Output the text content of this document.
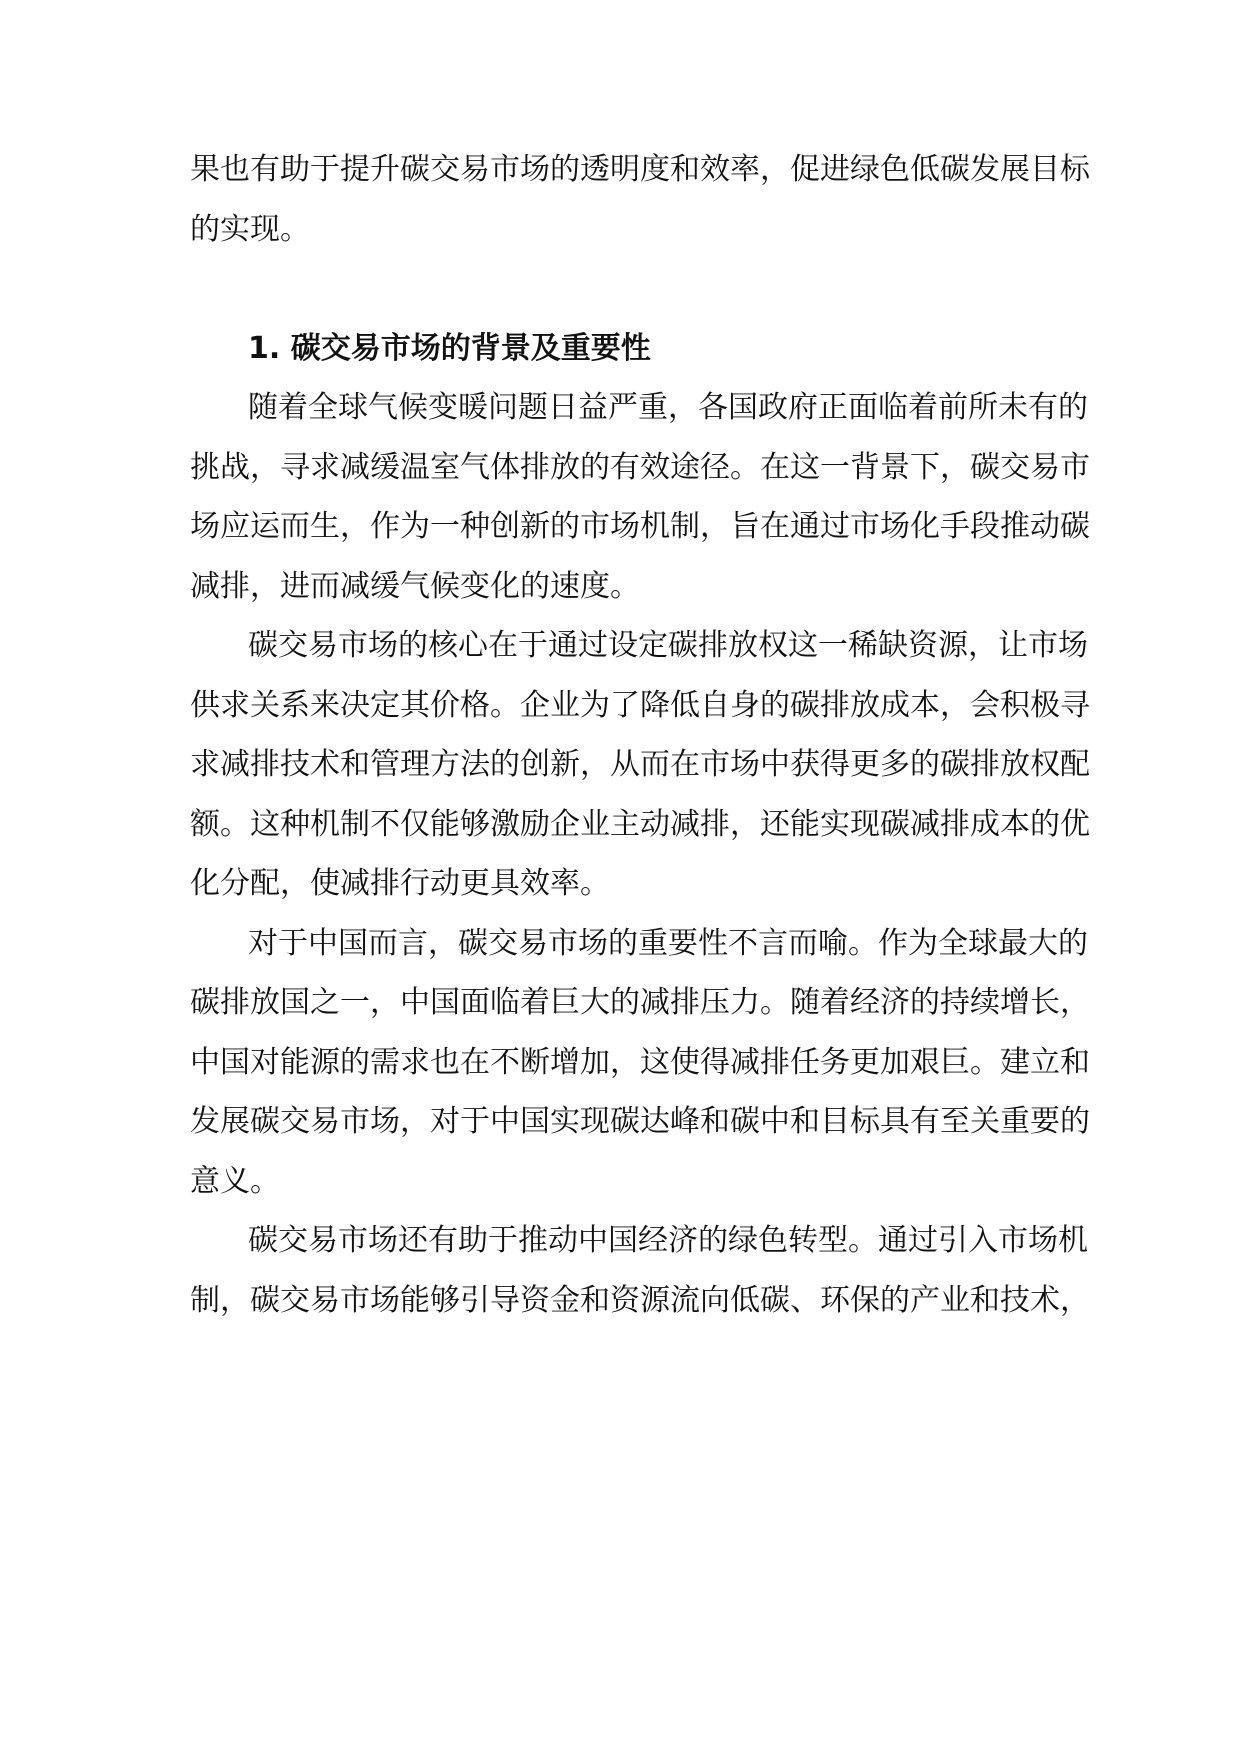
果也有助于提升碳交易市场的透明度和效率，促进绿色低碳发展目标
的实现。
1. 碳交易市场的背景及重要性
随着全球气候变暖问题日益严重，各国政府正面临着前所未有的
挑战，寻求减缓温室气体排放的有效途径。在这一背景下，碳交易市
场应运而生，作为一种创新的市场机制，旨在通过市场化手段推动碳
减排，进而减缓气候变化的速度。
碳交易市场的核心在于通过设定碳排放权这一稀缺资源，让市场
供求关系来决定其价格。企业为了降低自身的碳排放成本，会积极寻
求减排技术和管理方法的创新，从而在市场中获得更多的碳排放权配
额。这种机制不仅能够激励企业主动减排，还能实现碳减排成本的优
化分配，使减排行动更具效率。
对于中国而言，碳交易市场的重要性不言而喻。作为全球最大的
碳排放国之一，中国面临着巨大的减排压力。随着经济的持续增长，
中国对能源的需求也在不断增加，这使得减排任务更加艰巨。建立和
发展碳交易市场，对于中国实现碳达峰和碳中和目标具有至关重要的
意义。
碳交易市场还有助于推动中国经济的绿色转型。通过引入市场机
制，碳交易市场能够引导资金和资源流向低碳、环保的产业和技术，
